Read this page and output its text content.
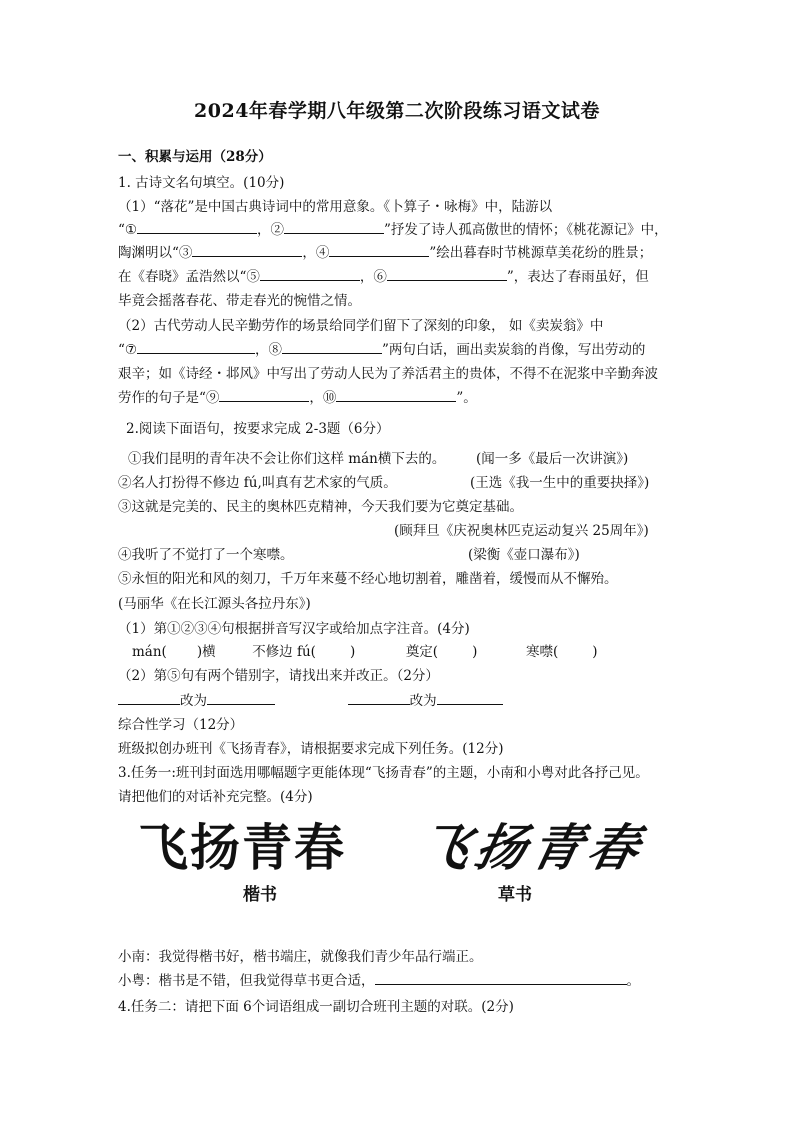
2024年春学期八年级第二次阶段练习语文试卷
一、积累与运用（28分）
1. 古诗文名句填空。(10分)
（1）“落花”是中国古典诗词中的常用意象。《卜算子・咏梅》中，陆游以
“①	，②	”抒发了诗人孤高傲世的情怀；《桃花源记》中，
陶渊明以“③	，④	”绘出暮春时节桃源草美花纷的胜景；
在《春晓》孟浩然以“⑤	，⑥	”，表达了春雨虽好，但
毕竟会摇落春花、带走春光的惋惜之情。
（2）古代劳动人民辛勤劳作的场景给同学们留下了深刻的印象， 如《卖炭翁》中
“⑦	，⑧	”两句白话，画出卖炭翁的肖像，写出劳动的
艰辛；如《诗经・邶风》中写出了劳动人民为了养活君主的贵体，不得不在泥浆中辛勤奔波
劳作的句子是“⑨	，⑩	”。
2.阅读下面语句，按要求完成 2-3题（6分）
①我们昆明的青年决不会让你们这样 mán横下去的。 (闻一多《最后一次讲演》)
②名人打扮得不修边 fú,叫真有艺术家的气质。	(王选《我一生中的重要抉择》)
③这就是完美的、民主的奥林匹克精神，今天我们要为它奠定基础。
(顾拜旦《庆祝奥林匹克运动复兴 25周年》)
④我听了不觉打了一个寒噤。	(梁衡《壶口瀑布》)
⑤永恒的阳光和风的刻刀，千万年来蔓不经心地切割着，雕凿着，缓慢而从不懈殆。
(马丽华《在长江源头各拉丹东》)
（1）第①②③④句根据拼音写汉字或给加点字注音。(4分)
mán( )横	不修边 fú(	)	奠定(	)	寒噤(	)
（2）第⑤句有两个错别字，请找出来并改正。（2分）
改为	改为
综合性学习（12分）
班级拟创办班刊《飞扬青春》，请根据要求完成下列任务。(12分)
3.任务一:班刊封面选用哪幅题字更能体现“飞扬青春”的主题，小南和小粤对此各抒己见。
请把他们的对话补充完整。(4分)
飞扬青春 飞扬青春
楷书	草书
小南：我觉得楷书好，楷书端庄，就像我们青少年品行端正。
小粤：楷书是不错，但我觉得草书更合适，	。
4.任务二：请把下面 6个词语组成一副切合班刊主题的对联。(2分)
